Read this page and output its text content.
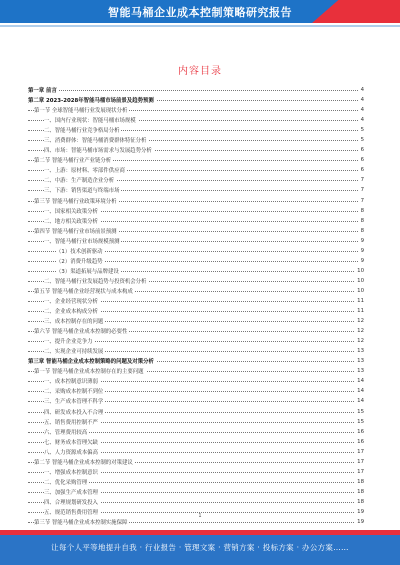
智能马桶企业成本控制策略研究报告
内容目录
第一章 前言	4
第二章 2023-2028年智能马桶市场前景及趋势预测	4
第一节 全球智能马桶行业发展现状分析	4
一、国内行业现状：智能马桶市场规模	4
二、智能马桶行业竞争格局分析	5
三、消费群体：智能马桶消费群体特征分析	5
四、市场：智能马桶市场需求与发展趋势分析	6
第二节 智能马桶行业产业链分析	6
一、上游：原材料、零部件供应商	6
二、中游：生产制造企业分析	7
三、下游：销售渠道与终端市场	7
第三节 智能马桶行业政策环境分析	7
一、国家相关政策分析	8
二、地方相关政策分析	8
第四节 智能马桶行业市场前景预测	8
一、智能马桶行业市场规模预测	9
（1）技术创新驱动	9
（2）消费升级趋势	9
（3）渠道拓展与品牌建设	10
二、智能马桶行业发展趋势与投资机会分析	10
第五节 智能马桶企业经营现状与成本构成	10
一、企业经营现状分析	11
二、企业成本构成分析	11
三、成本控制存在的问题	12
第六节 智能马桶企业成本控制的必要性	12
一、提升企业竞争力	12
二、实现企业可持续发展	13
第三章 智能马桶企业成本控制策略的问题及对策分析	13
第一节 智能马桶企业成本控制存在的主要问题	13
一、成本控制意识薄弱	14
二、采购成本控制不到位	14
三、生产成本管理不科学	14
四、研发成本投入不合理	15
五、销售费用控制不严	15
六、管理费用较高	16
七、财务成本管理欠缺	16
八、人力资源成本偏高	17
第二节 智能马桶企业成本控制的对策建议	17
一、增强成本控制意识	17
二、优化采购管理	18
三、加强生产成本管理	18
四、合理规划研发投入	18
五、规范销售费用管理	19
第三节 智能马桶企业成本控制实施保障	19
1
让每个人平等地提升自我 · 行业报告 · 管理文案 · 营销方案 · 投标方案 · 办公方案……
